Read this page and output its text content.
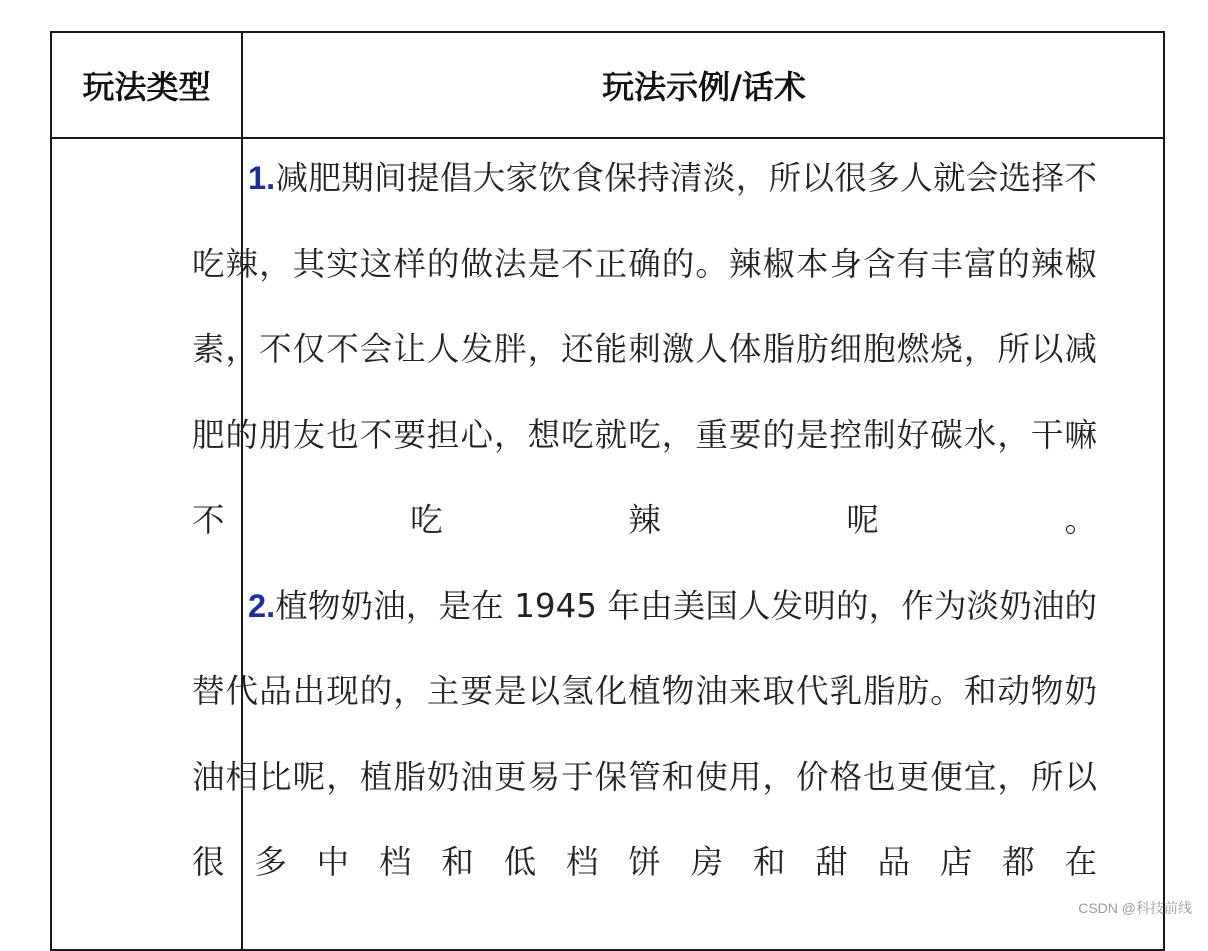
玩法类型	玩法示例/话术

1.减肥期间提倡大家饮食保持清淡，所以很多人就会选择不吃辣，其实这样的做法是不正确的。辣椒本身含有丰富的辣椒素，不仅不会让人发胖，还能刺激人体脂肪细胞燃烧，所以减肥的朋友也不要担心，想吃就吃，重要的是控制好碳水，干嘛不吃辣呢。

2.植物奶油，是在 1945 年由美国人发明的，作为淡奶油的替代品出现的，主要是以氢化植物油来取代乳脂肪。和动物奶油相比呢，植脂奶油更易于保管和使用，价格也更便宜，所以很多中档和低档饼房和甜品店都在

CSDN @科技前线
